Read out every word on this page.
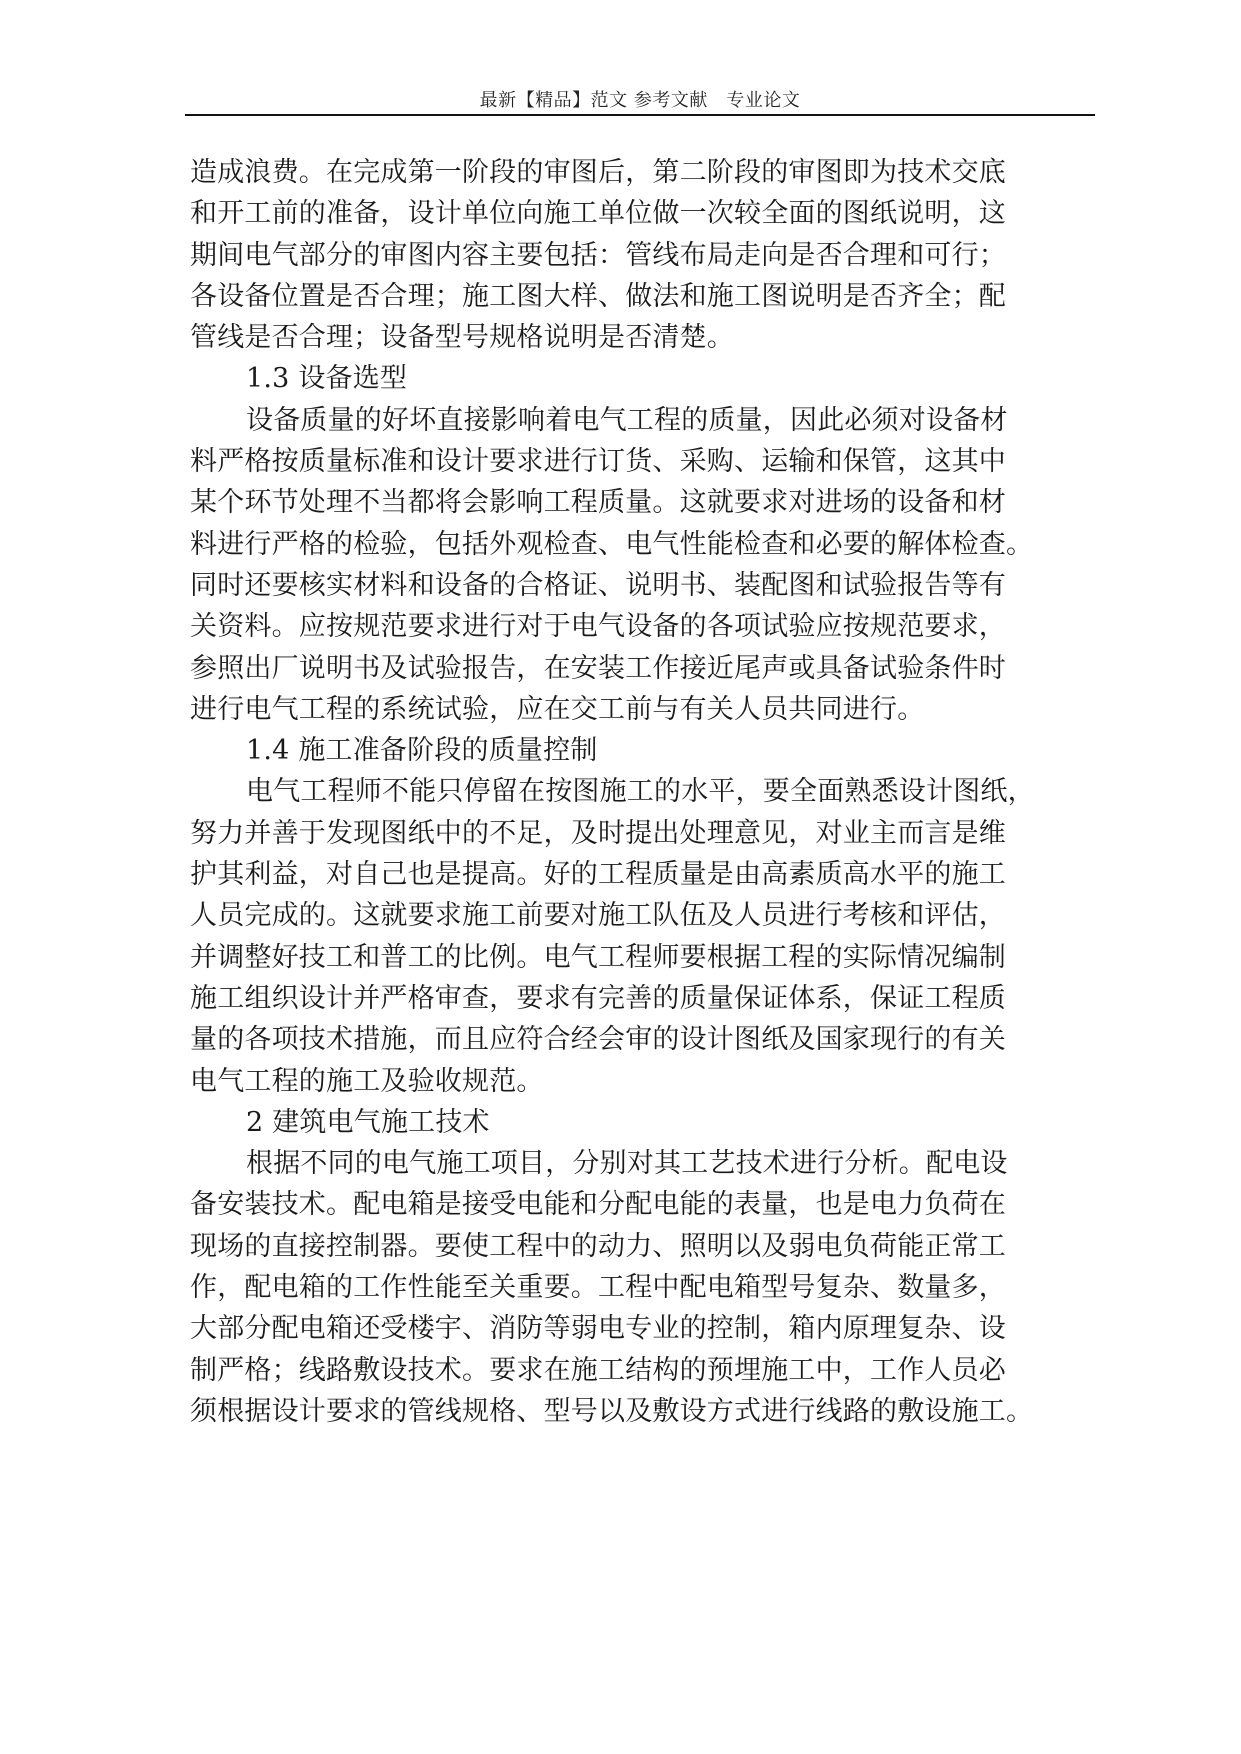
最新【精品】范文 参考文献　专业论文
造成浪费。在完成第一阶段的审图后，第二阶段的审图即为技术交底
和开工前的准备，设计单位向施工单位做一次较全面的图纸说明，这
期间电气部分的审图内容主要包括：管线布局走向是否合理和可行；
各设备位置是否合理；施工图大样、做法和施工图说明是否齐全；配
管线是否合理；设备型号规格说明是否清楚。
1.3 设备选型
设备质量的好坏直接影响着电气工程的质量，因此必须对设备材
料严格按质量标准和设计要求进行订货、采购、运输和保管，这其中
某个环节处理不当都将会影响工程质量。这就要求对进场的设备和材
料进行严格的检验，包括外观检查、电气性能检查和必要的解体检查。
同时还要核实材料和设备的合格证、说明书、装配图和试验报告等有
关资料。应按规范要求进行对于电气设备的各项试验应按规范要求，
参照出厂说明书及试验报告，在安装工作接近尾声或具备试验条件时
进行电气工程的系统试验，应在交工前与有关人员共同进行。
1.4 施工准备阶段的质量控制
电气工程师不能只停留在按图施工的水平，要全面熟悉设计图纸，
努力并善于发现图纸中的不足，及时提出处理意见，对业主而言是维
护其利益，对自己也是提高。好的工程质量是由高素质高水平的施工
人员完成的。这就要求施工前要对施工队伍及人员进行考核和评估，
并调整好技工和普工的比例。电气工程师要根据工程的实际情况编制
施工组织设计并严格审查，要求有完善的质量保证体系，保证工程质
量的各项技术措施，而且应符合经会审的设计图纸及国家现行的有关
电气工程的施工及验收规范。
2 建筑电气施工技术
根据不同的电气施工项目，分别对其工艺技术进行分析。配电设
备安装技术。配电箱是接受电能和分配电能的表量，也是电力负荷在
现场的直接控制器。要使工程中的动力、照明以及弱电负荷能正常工
作，配电箱的工作性能至关重要。工程中配电箱型号复杂、数量多，
大部分配电箱还受楼宇、消防等弱电专业的控制，箱内原理复杂、设
制严格；线路敷设技术。要求在施工结构的预埋施工中，工作人员必
须根据设计要求的管线规格、型号以及敷设方式进行线路的敷设施工。
